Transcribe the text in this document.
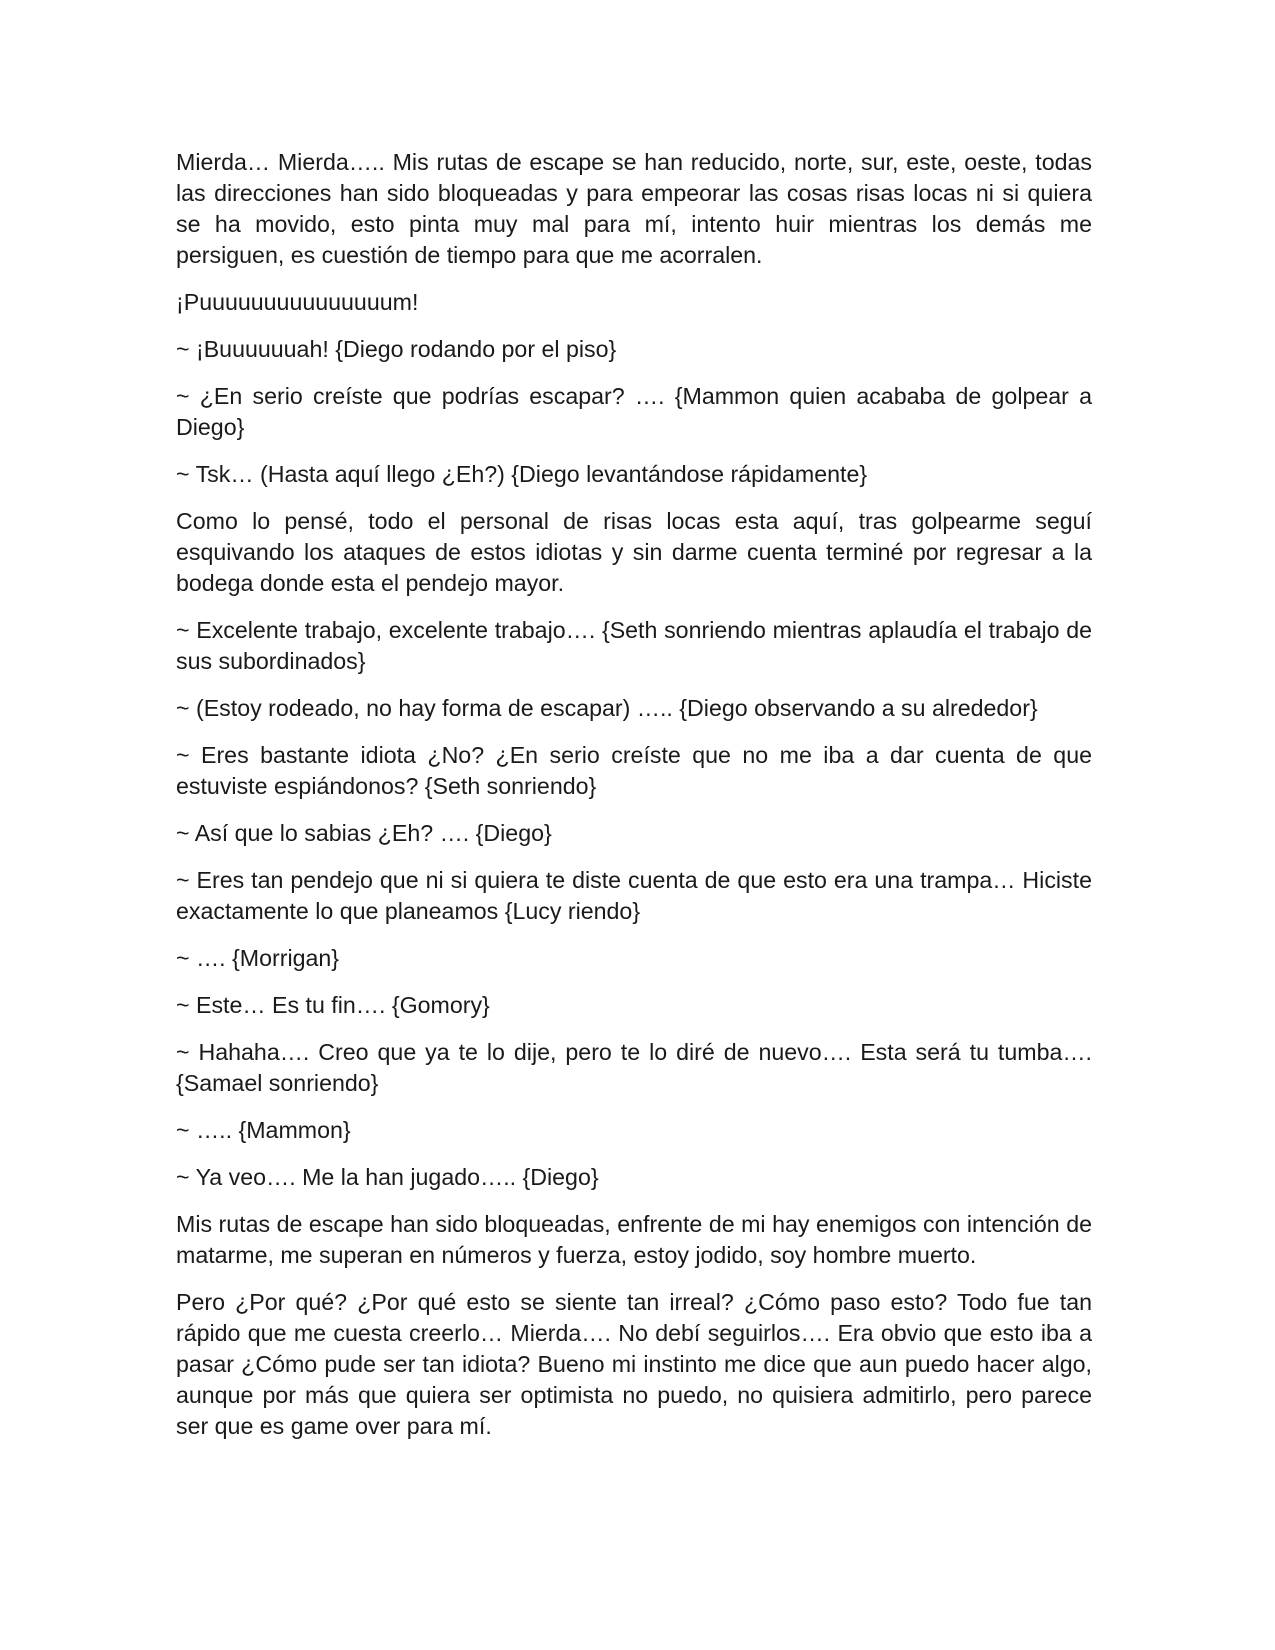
Mierda… Mierda….. Mis rutas de escape se han reducido, norte, sur, este, oeste, todas las direcciones han sido bloqueadas y para empeorar las cosas risas locas ni si quiera se ha movido, esto pinta muy mal para mí, intento huir mientras los demás me persiguen, es cuestión de tiempo para que me acorralen.

¡Puuuuuuuuuuuuuuum!

~ ¡Buuuuuuah! {Diego rodando por el piso}

~ ¿En serio creíste que podrías escapar? …. {Mammon quien acababa de golpear a Diego}

~ Tsk… (Hasta aquí llego ¿Eh?) {Diego levantándose rápidamente}

Como lo pensé, todo el personal de risas locas esta aquí, tras golpearme seguí esquivando los ataques de estos idiotas y sin darme cuenta terminé por regresar a la bodega donde esta el pendejo mayor.

~ Excelente trabajo, excelente trabajo…. {Seth sonriendo mientras aplaudía el trabajo de sus subordinados}

~ (Estoy rodeado, no hay forma de escapar) ….. {Diego observando a su alrededor}

~ Eres bastante idiota ¿No? ¿En serio creíste que no me iba a dar cuenta de que estuviste espiándonos? {Seth sonriendo}

~ Así que lo sabias ¿Eh? …. {Diego}

~ Eres tan pendejo que ni si quiera te diste cuenta de que esto era una trampa… Hiciste exactamente lo que planeamos {Lucy riendo}

~ …. {Morrigan}

~ Este… Es tu fin…. {Gomory}

~ Hahaha…. Creo que ya te lo dije, pero te lo diré de nuevo…. Esta será tu tumba…. {Samael sonriendo}

~ ….. {Mammon}

~ Ya veo…. Me la han jugado….. {Diego}

Mis rutas de escape han sido bloqueadas, enfrente de mi hay enemigos con intención de matarme, me superan en números y fuerza, estoy jodido, soy hombre muerto.

Pero ¿Por qué? ¿Por qué esto se siente tan irreal? ¿Cómo paso esto? Todo fue tan rápido que me cuesta creerlo… Mierda…. No debí seguirlos…. Era obvio que esto iba a pasar ¿Cómo pude ser tan idiota? Bueno mi instinto me dice que aun puedo hacer algo, aunque por más que quiera ser optimista no puedo, no quisiera admitirlo, pero parece ser que es game over para mí.
